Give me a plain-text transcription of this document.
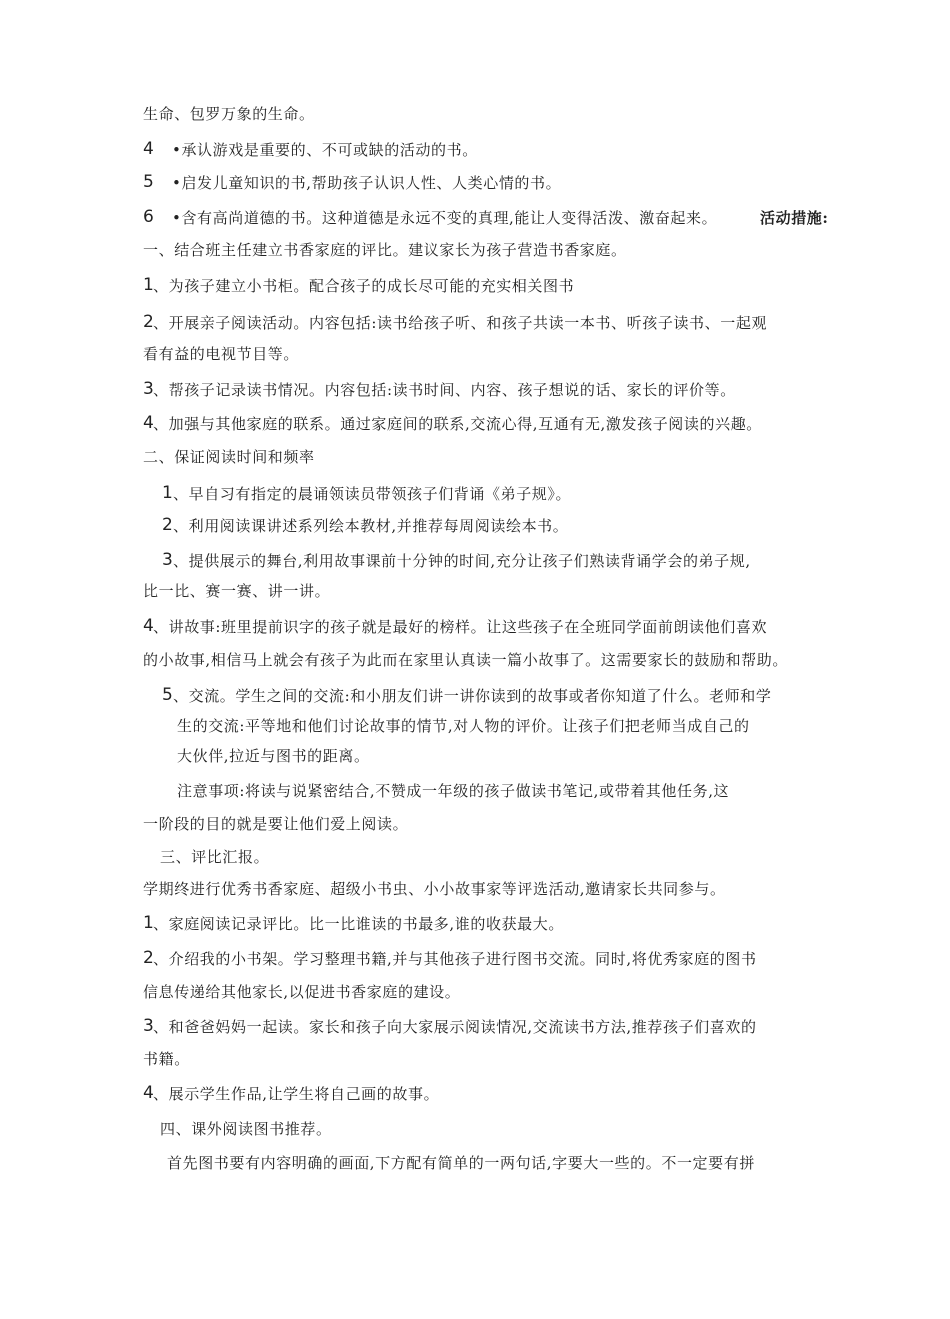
生命、包罗万象的生命。
4 •承认游戏是重要的、不可或缺的活动的书。
5 •启发儿童知识的书,帮助孩子认识人性、人类心情的书。
6 •含有高尚道德的书。这种道德是永远不变的真理,能让人变得活泼、激奋起来。	活动措施:
一、结合班主任建立书香家庭的评比。建议家长为孩子营造书香家庭。
1
、为孩子建立小书柜。配合孩子的成长尽可能的充实相关图书
2
、开展亲子阅读活动。内容包括:读书给孩子听、和孩子共读一本书、听孩子读书、一起观
看有益的电视节目等。
3
、帮孩子记录读书情况。内容包括:读书时间、内容、孩子想说的话、家长的评价等。
4
、加强与其他家庭的联系。通过家庭间的联系,交流心得,互通有无,激发孩子阅读的兴趣。
二、保证阅读时间和频率
1 、早自习有指定的晨诵领读员带领孩子们背诵《弟子规》。
2 、利用阅读课讲述系列绘本教材,并推荐每周阅读绘本书。
3 、提供展示的舞台,利用故事课前十分钟的时间,充分让孩子们熟读背诵学会的弟子规,
比一比、赛一赛、讲一讲。
4
、讲故事:班里提前识字的孩子就是最好的榜样。让这些孩子在全班同学面前朗读他们喜欢
的小故事,相信马上就会有孩子为此而在家里认真读一篇小故事了。这需要家长的鼓励和帮助。
5 、交流。学生之间的交流:和小朋友们讲一讲你读到的故事或者你知道了什么。老师和学
生的交流:平等地和他们讨论故事的情节,对人物的评价。让孩子们把老师当成自己的
大伙伴,拉近与图书的距离。
注意事项:将读与说紧密结合,不赞成一年级的孩子做读书笔记,或带着其他任务,这
一阶段的目的就是要让他们爱上阅读。
三、评比汇报。
学期终进行优秀书香家庭、超级小书虫、小小故事家等评选活动,邀请家长共同参与。
1
、家庭阅读记录评比。比一比谁读的书最多,谁的收获最大。
2
、介绍我的小书架。学习整理书籍,并与其他孩子进行图书交流。同时,将优秀家庭的图书
信息传递给其他家长,以促进书香家庭的建设。
3
、和爸爸妈妈一起读。家长和孩子向大家展示阅读情况,交流读书方法,推荐孩子们喜欢的
书籍。
4
、展示学生作品,让学生将自己画的故事。
四、课外阅读图书推荐。
首先图书要有内容明确的画面,下方配有简单的一两句话,字要大一些的。不一定要有拼
